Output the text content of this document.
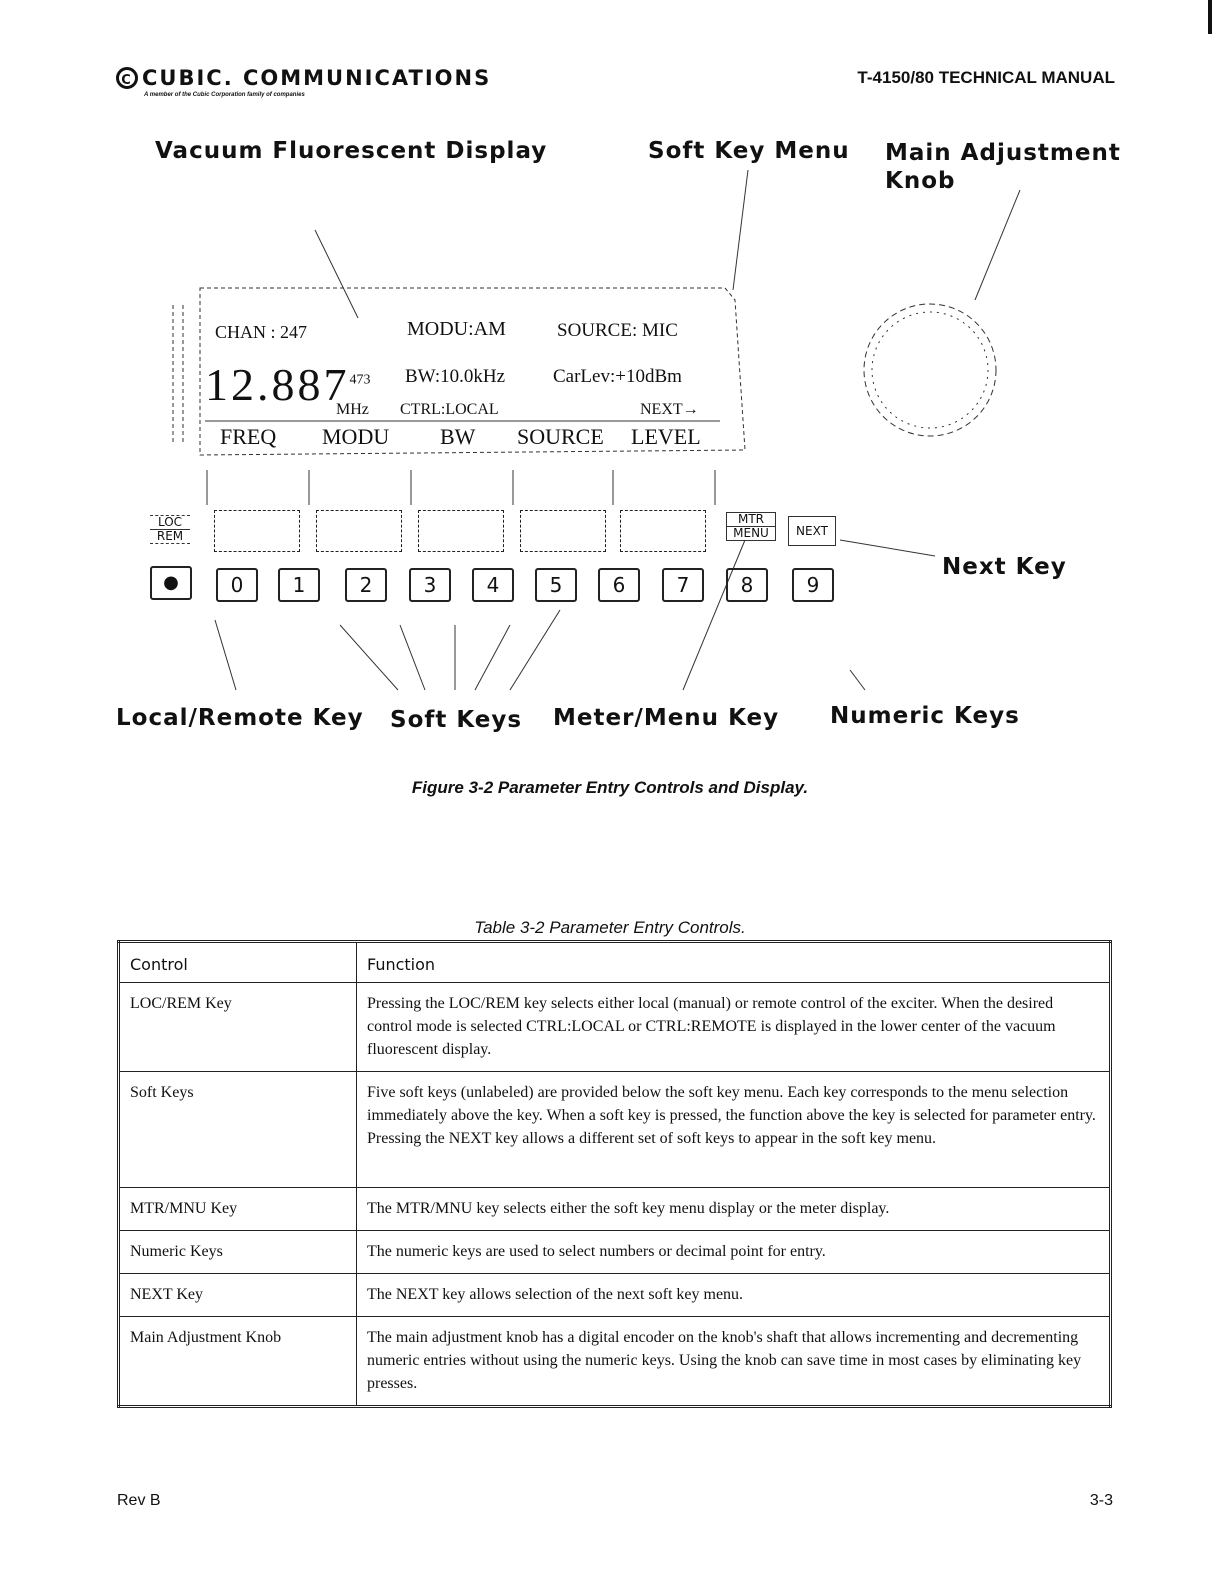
C CUBIC. COMMUNICATIONS
A member of the Cubic Corporation family of companies
T-4150/80 TECHNICAL MANUAL
Vacuum Fluorescent Display	Soft Key Menu Main Adjustment
Knob
Next Key
Local/Remote Key Soft Keys Meter/Menu Key Numeric Keys
CHAN : 247	MODU:AM	SOURCE: MIC
12.887$^{473}$ BW:10.0kHz	CarLev:+10dBm
MHz CTRL:LOCAL	NEXT→
FREQ MODU BW SOURCE LEVEL
LOC
REM
MTR
MENU	NEXT
●	0	1	2	3	4	5	6	7	8	9
Figure 3-2 Parameter Entry Controls and Display.
Table 3-2 Parameter Entry Controls.
Control	Function
LOC/REM Key	Pressing the LOC/REM key selects either local (manual) or remote control of the exciter. When the desired control mode is selected CTRL:LOCAL or CTRL:REMOTE is displayed in the lower center of the vacuum fluorescent display.
Soft Keys	Five soft keys (unlabeled) are provided below the soft key menu. Each key corresponds to the menu selection immediately above the key. When a soft key is pressed, the function above the key is selected for parameter entry. Pressing the NEXT key allows a different set of soft keys to appear in the soft key menu.
MTR/MNU Key	The MTR/MNU key selects either the soft key menu display or the meter display.
Numeric Keys	The numeric keys are used to select numbers or decimal point for entry.
NEXT Key	The NEXT key allows selection of the next soft key menu.
Main Adjustment Knob	The main adjustment knob has a digital encoder on the knob's shaft that allows incrementing and decrementing numeric entries without using the numeric keys. Using the knob can save time in most cases by eliminating key presses.
Rev B	3-3
